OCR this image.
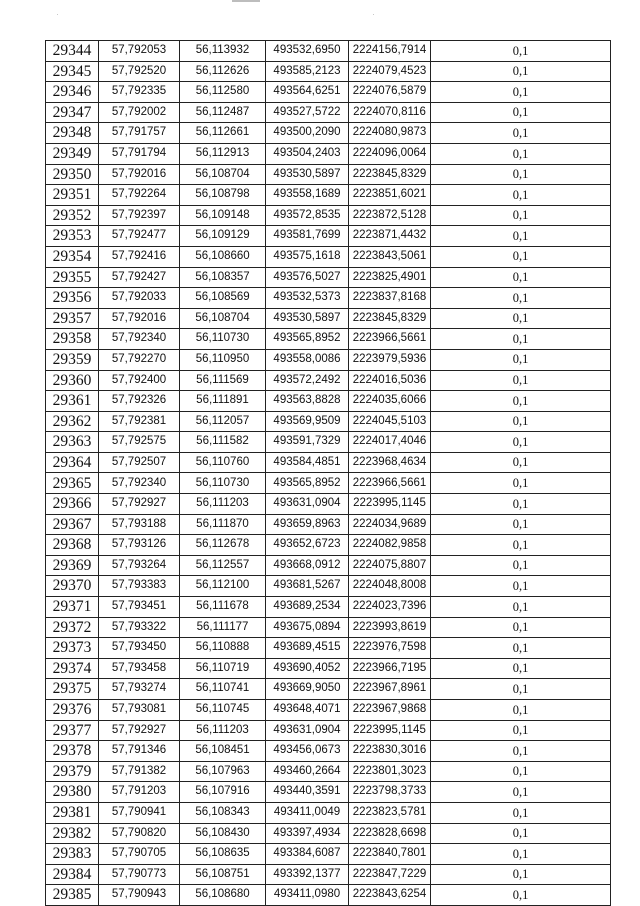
29344	57,792053	56,113932	493532,6950	2224156,7914	0,1
29345	57,792520	56,112626	493585,2123	2224079,4523	0,1
29346	57,792335	56,112580	493564,6251	2224076,5879	0,1
29347	57,792002	56,112487	493527,5722	2224070,8116	0,1
29348	57,791757	56,112661	493500,2090	2224080,9873	0,1
29349	57,791794	56,112913	493504,2403	2224096,0064	0,1
29350	57,792016	56,108704	493530,5897	2223845,8329	0,1
29351	57,792264	56,108798	493558,1689	2223851,6021	0,1
29352	57,792397	56,109148	493572,8535	2223872,5128	0,1
29353	57,792477	56,109129	493581,7699	2223871,4432	0,1
29354	57,792416	56,108660	493575,1618	2223843,5061	0,1
29355	57,792427	56,108357	493576,5027	2223825,4901	0,1
29356	57,792033	56,108569	493532,5373	2223837,8168	0,1
29357	57,792016	56,108704	493530,5897	2223845,8329	0,1
29358	57,792340	56,110730	493565,8952	2223966,5661	0,1
29359	57,792270	56,110950	493558,0086	2223979,5936	0,1
29360	57,792400	56,111569	493572,2492	2224016,5036	0,1
29361	57,792326	56,111891	493563,8828	2224035,6066	0,1
29362	57,792381	56,112057	493569,9509	2224045,5103	0,1
29363	57,792575	56,111582	493591,7329	2224017,4046	0,1
29364	57,792507	56,110760	493584,4851	2223968,4634	0,1
29365	57,792340	56,110730	493565,8952	2223966,5661	0,1
29366	57,792927	56,111203	493631,0904	2223995,1145	0,1
29367	57,793188	56,111870	493659,8963	2224034,9689	0,1
29368	57,793126	56,112678	493652,6723	2224082,9858	0,1
29369	57,793264	56,112557	493668,0912	2224075,8807	0,1
29370	57,793383	56,112100	493681,5267	2224048,8008	0,1
29371	57,793451	56,111678	493689,2534	2224023,7396	0,1
29372	57,793322	56,111177	493675,0894	2223993,8619	0,1
29373	57,793450	56,110888	493689,4515	2223976,7598	0,1
29374	57,793458	56,110719	493690,4052	2223966,7195	0,1
29375	57,793274	56,110741	493669,9050	2223967,8961	0,1
29376	57,793081	56,110745	493648,4071	2223967,9868	0,1
29377	57,792927	56,111203	493631,0904	2223995,1145	0,1
29378	57,791346	56,108451	493456,0673	2223830,3016	0,1
29379	57,791382	56,107963	493460,2664	2223801,3023	0,1
29380	57,791203	56,107916	493440,3591	2223798,3733	0,1
29381	57,790941	56,108343	493411,0049	2223823,5781	0,1
29382	57,790820	56,108430	493397,4934	2223828,6698	0,1
29383	57,790705	56,108635	493384,6087	2223840,7801	0,1
29384	57,790773	56,108751	493392,1377	2223847,7229	0,1
29385	57,790943	56,108680	493411,0980	2223843,6254	0,1
